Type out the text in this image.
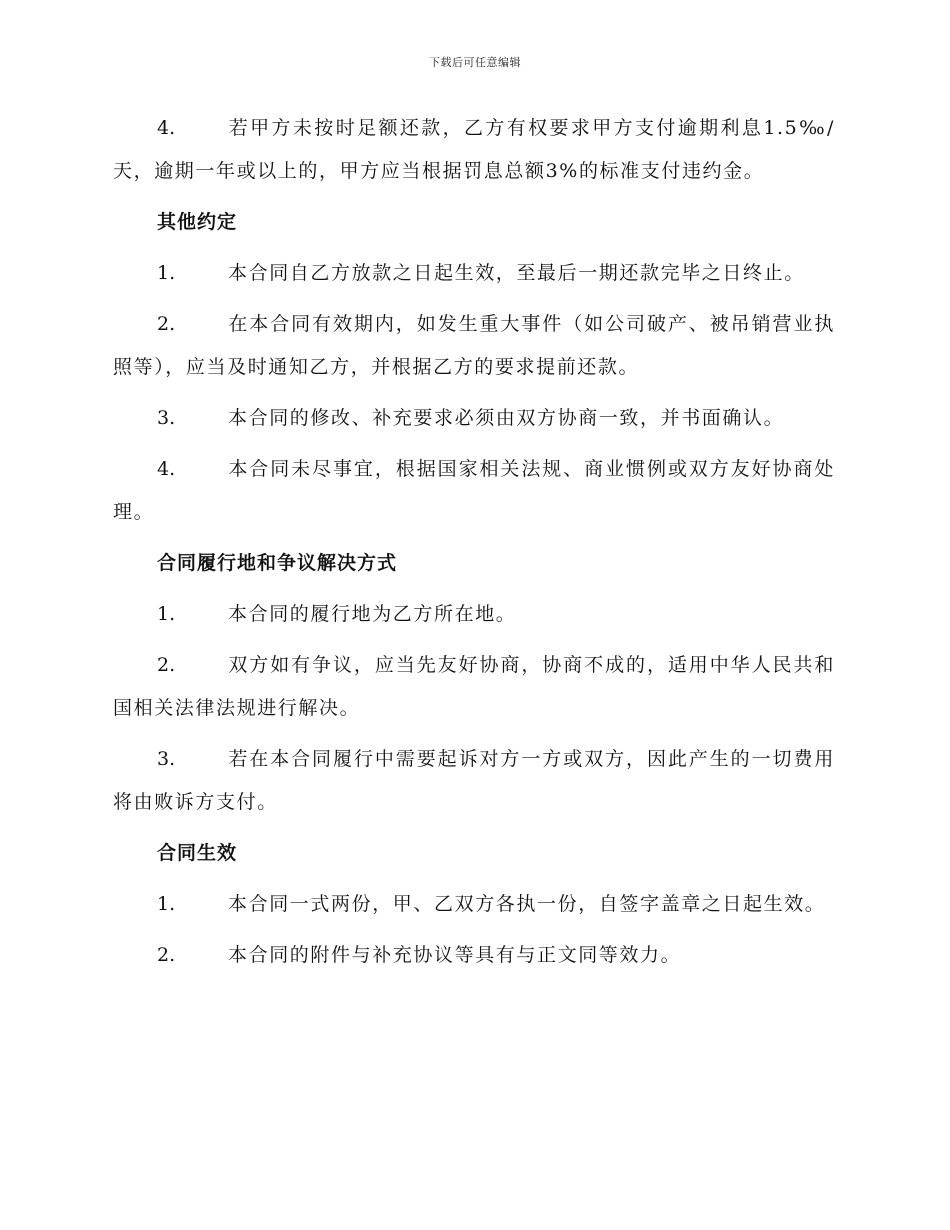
下载后可任意编辑

4.	若甲方未按时足额还款，乙方有权要求甲方支付逾期利息1.5‰/天，逾期一年或以上的，甲方应当根据罚息总额3%的标准支付违约金。

其他约定

1.	本合同自乙方放款之日起生效，至最后一期还款完毕之日终止。

2.	在本合同有效期内，如发生重大事件（如公司破产、被吊销营业执照等），应当及时通知乙方，并根据乙方的要求提前还款。

3.	本合同的修改、补充要求必须由双方协商一致，并书面确认。

4.	本合同未尽事宜，根据国家相关法规、商业惯例或双方友好协商处理。

合同履行地和争议解决方式

1.	本合同的履行地为乙方所在地。

2.	双方如有争议，应当先友好协商，协商不成的，适用中华人民共和国相关法律法规进行解决。

3.	若在本合同履行中需要起诉对方一方或双方，因此产生的一切费用将由败诉方支付。

合同生效

1.	本合同一式两份，甲、乙双方各执一份，自签字盖章之日起生效。

2.	本合同的附件与补充协议等具有与正文同等效力。
